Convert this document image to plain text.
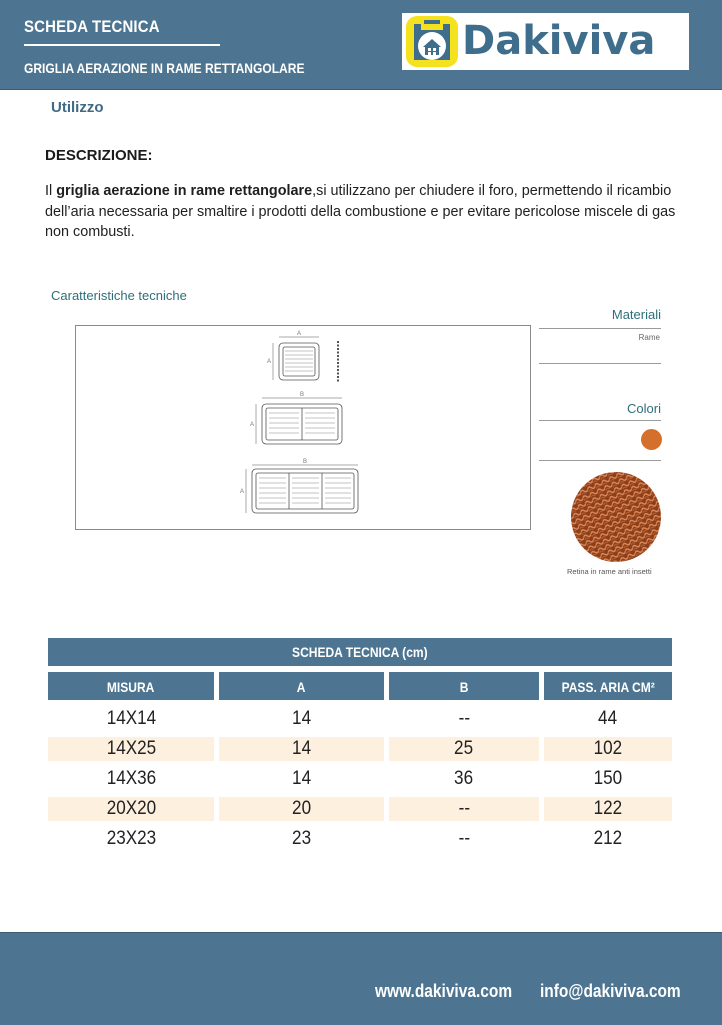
SCHEDA TECNICA
GRIGLIA AERAZIONE IN RAME RETTANGOLARE
Dakiviva
Utilizzo
DESCRIZIONE:
Il griglia aerazione in rame rettangolare,si utilizzano per chiudere il foro, permettendo il ricambio dell’aria necessaria per smaltire i prodotti della combustione e per evitare pericolose miscele di gas non combusti.
Caratteristiche tecniche
A
A
B
A
B
A
Materiali
Rame
Colori
Retina in rame anti insetti
SCHEDA TECNICA (cm)
MISURA	A	B	PASS. ARIA CM²
14X14	14	--	44
14X25	14	25	102
14X36	14	36	150
20X20	20	--	122
23X23	23	--	212
www.dakiviva.com info@dakiviva.com
